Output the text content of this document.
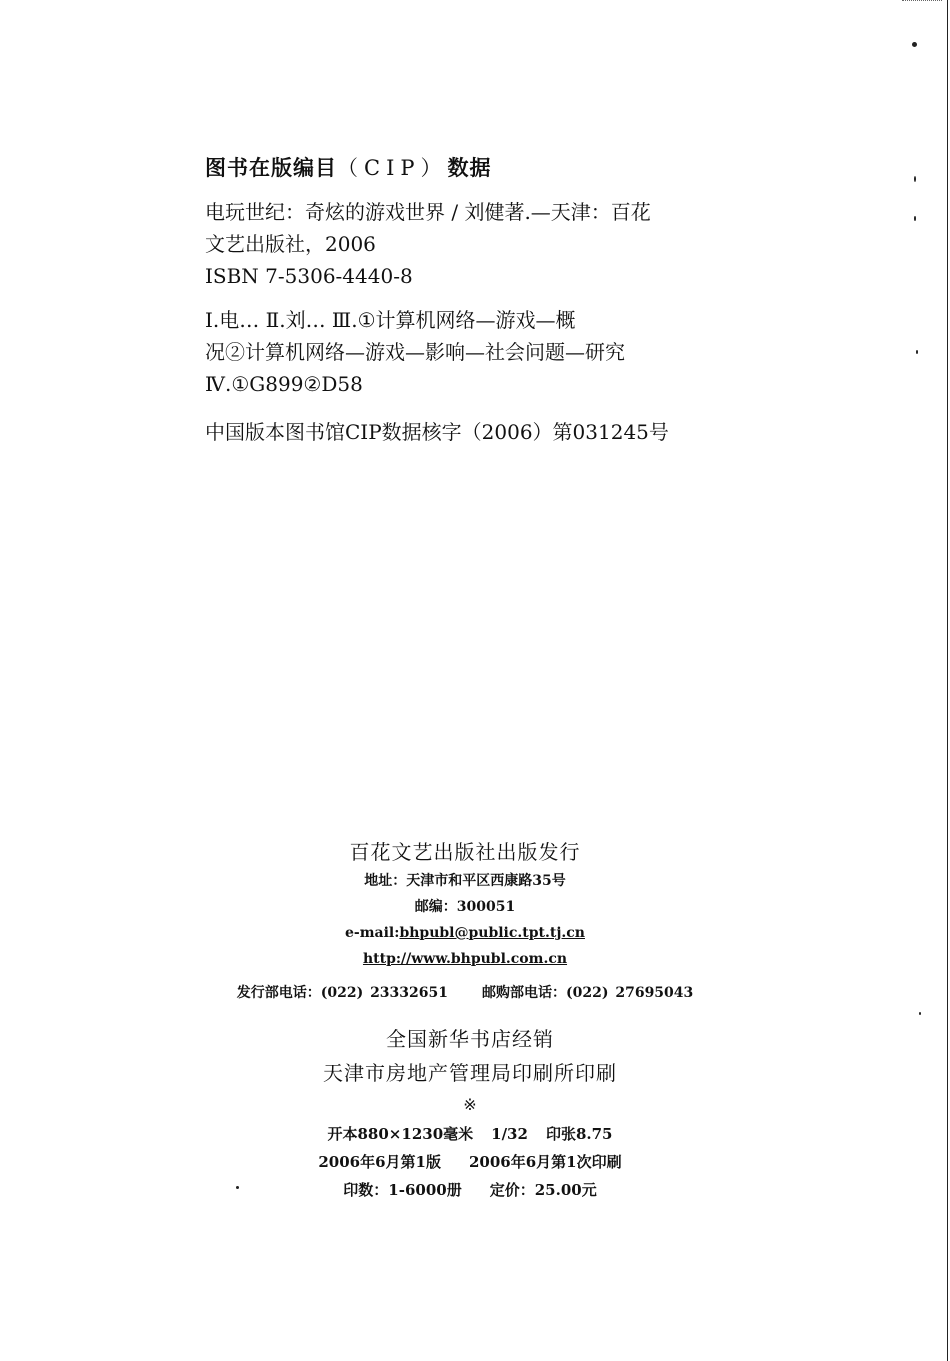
图书在版编目（CIP）数据

电玩世纪：奇炫的游戏世界 / 刘健著.—天津：百花

文艺出版社，2006

ISBN 7-5306-4440-8

Ⅰ.电… Ⅱ.刘… Ⅲ.①计算机网络—游戏—概

况②计算机网络—游戏—影响—社会问题—研究

Ⅳ.①G899②D58

中国版本图书馆CIP数据核字（2006）第031245号

百花文艺出版社出版发行

地址：天津市和平区西康路35号

邮编：300051

e-mail:bhpubl@public.tpt.tj.cn

http://www.bhpubl.com.cn

发行部电话：(022) 23332651 邮购部电话：(022) 27695043

全国新华书店经销

天津市房地产管理局印刷所印刷

※

开本880×1230毫米 1/32 印张8.75

2006年6月第1版 2006年6月第1次印刷

印数：1-6000册 定价：25.00元
